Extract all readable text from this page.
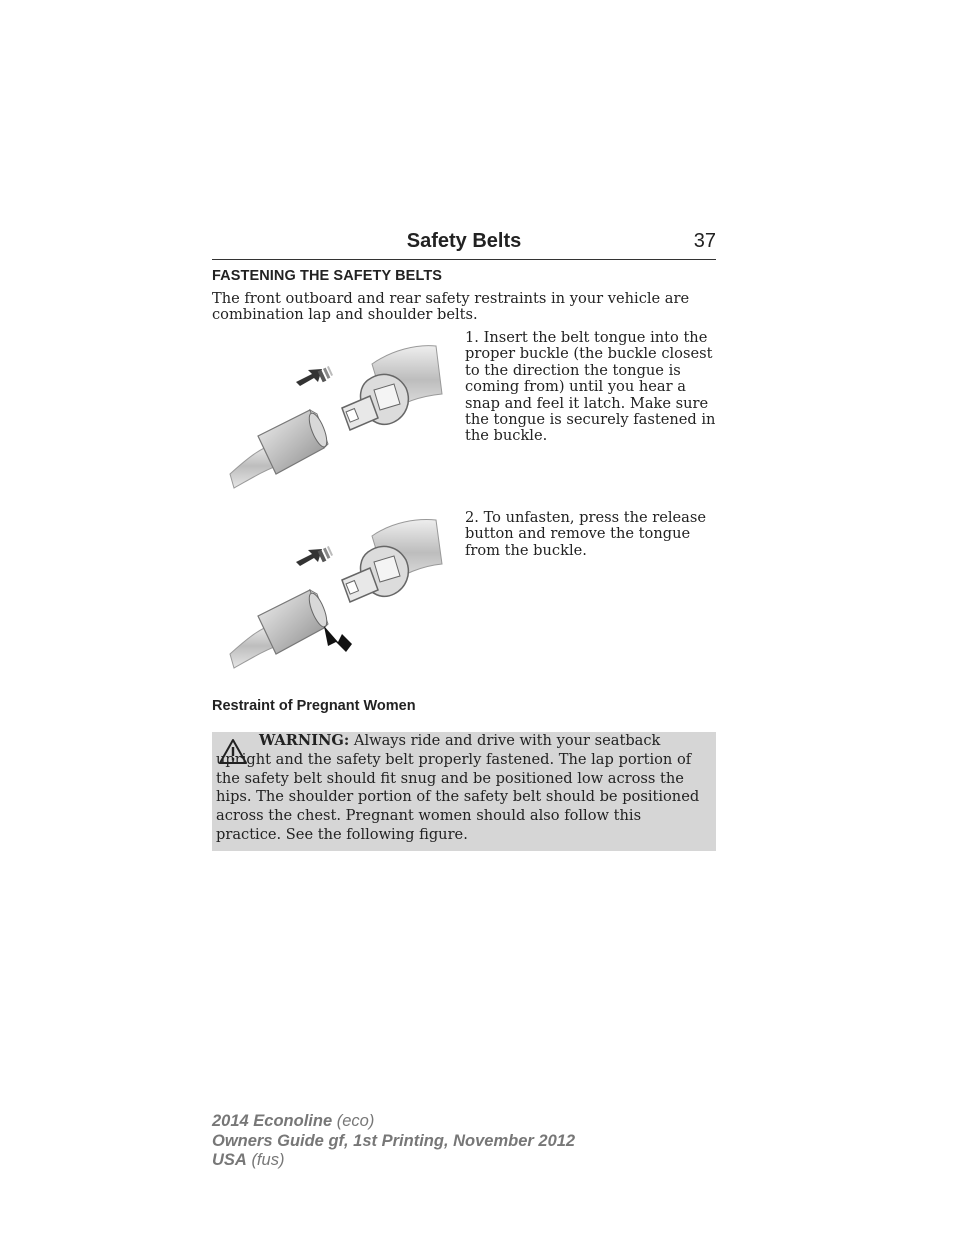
Safety Belts	37
FASTENING THE SAFETY BELTS
The front outboard and rear safety restraints in your vehicle are combination lap and shoulder belts.
1. Insert the belt tongue into the proper buckle (the buckle closest to the direction the tongue is coming from) until you hear a snap and feel it latch. Make sure the tongue is securely fastened in the buckle.
2. To unfasten, press the release button and remove the tongue from the buckle.
Restraint of Pregnant Women
WARNING: Always ride and drive with your seatback upright and the safety belt properly fastened. The lap portion of the safety belt should fit snug and be positioned low across the hips. The shoulder portion of the safety belt should be positioned across the chest. Pregnant women should also follow this practice. See the following figure.
2014 Econoline (eco)
Owners Guide gf, 1st Printing, November 2012
USA (fus)
